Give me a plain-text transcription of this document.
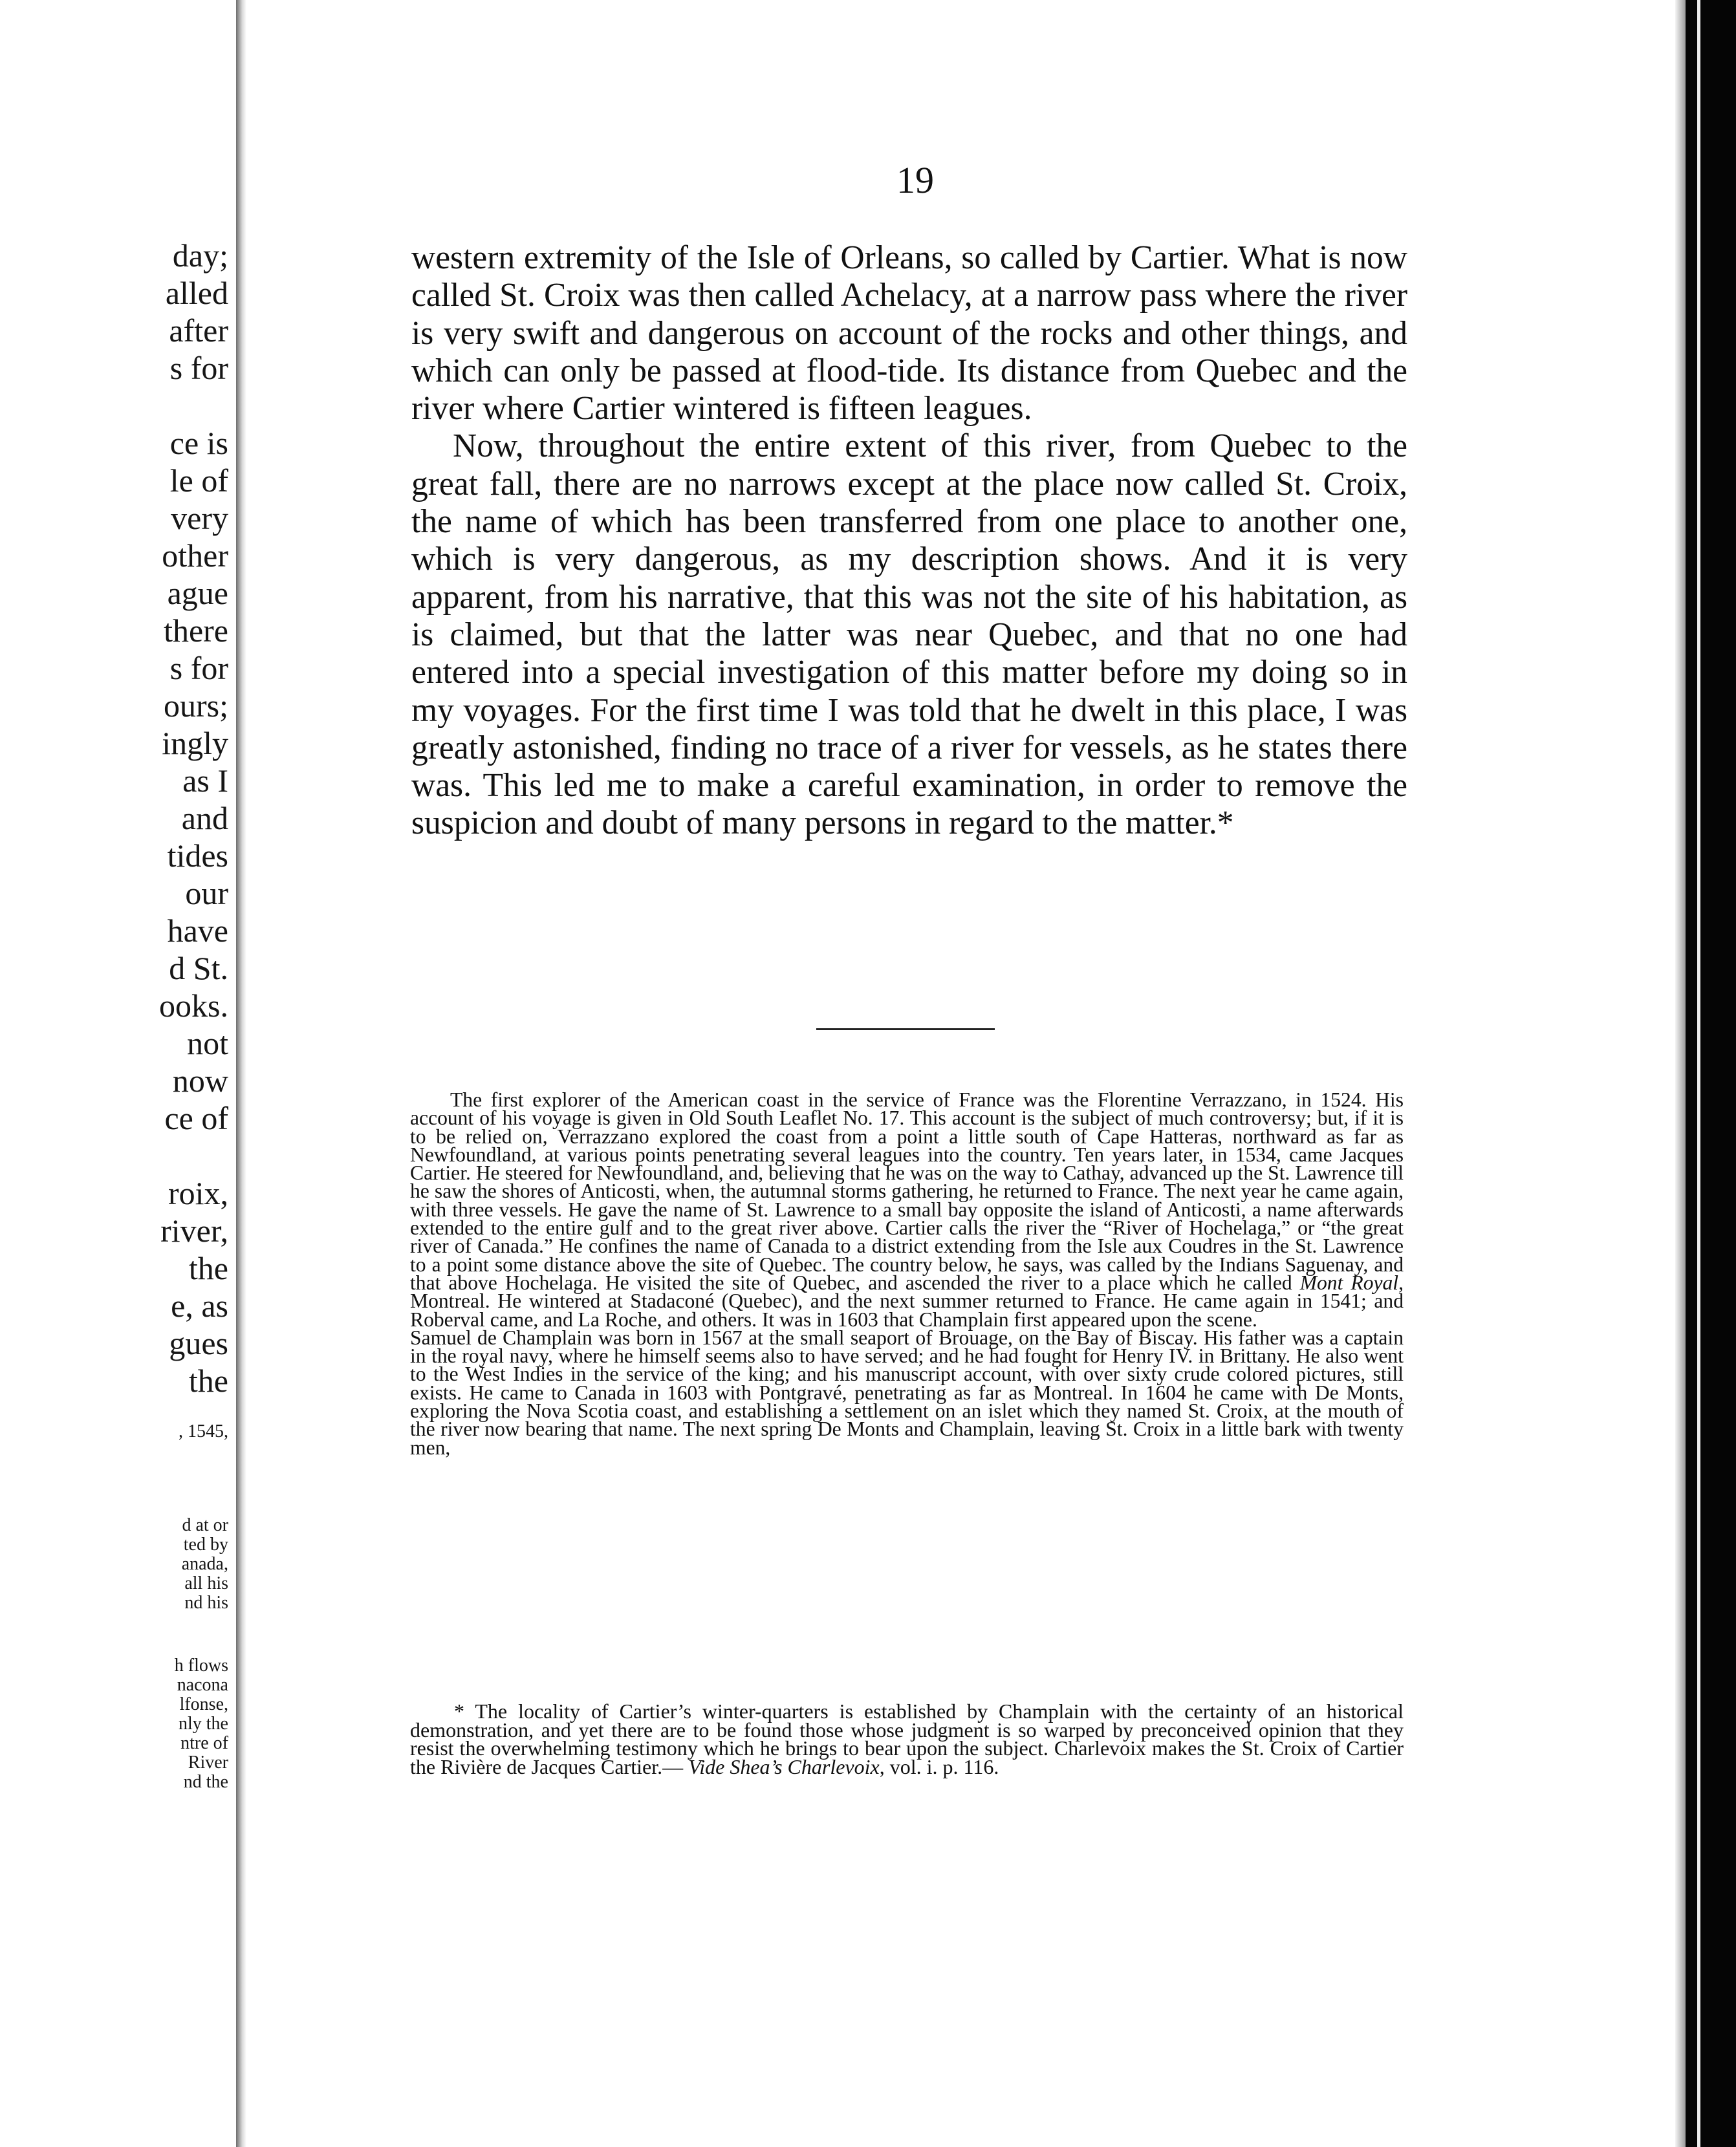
day;
alled
after
s for
ce is
le of
very
other
ague
there
s for
ours;
ingly
as I
and
tides
our
have
d St.
ooks.
not
now
ce of
roix,
river,
the
e, as
gues
the
, 1545,
d at or
ted by
anada,
all his
nd his
h flows
nacona
lfonse,
nly the
ntre of
River
nd the
19

western extremity of the Isle of Orleans, so called by Cartier. What is now called St. Croix was then called Achelacy, at a narrow pass where the river is very swift and dangerous on account of the rocks and other things, and which can only be passed at flood-tide. Its distance from Quebec and the river where Cartier wintered is fifteen leagues.

Now, throughout the entire extent of this river, from Quebec to the great fall, there are no narrows except at the place now called St. Croix, the name of which has been transferred from one place to another one, which is very dangerous, as my description shows. And it is very apparent, from his narrative, that this was not the site of his habitation, as is claimed, but that the latter was near Quebec, and that no one had entered into a special investigation of this matter before my doing so in my voyages. For the first time I was told that he dwelt in this place, I was greatly astonished, finding no trace of a river for vessels, as he states there was. This led me to make a careful examination, in order to remove the suspicion and doubt of many persons in regard to the matter.*

The first explorer of the American coast in the service of France was the Florentine Verrazzano, in 1524. His account of his voyage is given in Old South Leaflet No. 17. This account is the subject of much controversy; but, if it is to be relied on, Verrazzano explored the coast from a point a little south of Cape Hatteras, northward as far as Newfoundland, at various points penetrating several leagues into the country. Ten years later, in 1534, came Jacques Cartier. He steered for Newfoundland, and, believing that he was on the way to Cathay, advanced up the St. Lawrence till he saw the shores of Anticosti, when, the autumnal storms gathering, he returned to France. The next year he came again, with three vessels. He gave the name of St. Lawrence to a small bay opposite the island of Anticosti, a name afterwards extended to the entire gulf and to the great river above. Cartier calls the river the “River of Hochelaga,” or “the great river of Canada.” He confines the name of Canada to a district extending from the Isle aux Coudres in the St. Lawrence to a point some distance above the site of Quebec. The country below, he says, was called by the Indians Saguenay, and that above Hochelaga. He visited the site of Quebec, and ascended the river to a place which he called Mont Royal, Montreal. He wintered at Stadaconé (Quebec), and the next summer returned to France. He came again in 1541; and Roberval came, and La Roche, and others. It was in 1603 that Champlain first appeared upon the scene.

Samuel de Champlain was born in 1567 at the small seaport of Brouage, on the Bay of Biscay. His father was a captain in the royal navy, where he himself seems also to have served; and he had fought for Henry IV. in Brittany. He also went to the West Indies in the service of the king; and his manuscript account, with over sixty crude colored pictures, still exists. He came to Canada in 1603 with Pontgravé, penetrating as far as Montreal. In 1604 he came with De Monts, exploring the Nova Scotia coast, and establishing a settlement on an islet which they named St. Croix, at the mouth of the river now bearing that name. The next spring De Monts and Champlain, leaving St. Croix in a little bark with twenty men,

* The locality of Cartier’s winter-quarters is established by Champlain with the certainty of an historical demonstration, and yet there are to be found those whose judgment is so warped by preconceived opinion that they resist the overwhelming testimony which he brings to bear upon the subject. Charlevoix makes the St. Croix of Cartier the Rivière de Jacques Cartier.— Vide Shea’s Charlevoix, vol. i. p. 116.
